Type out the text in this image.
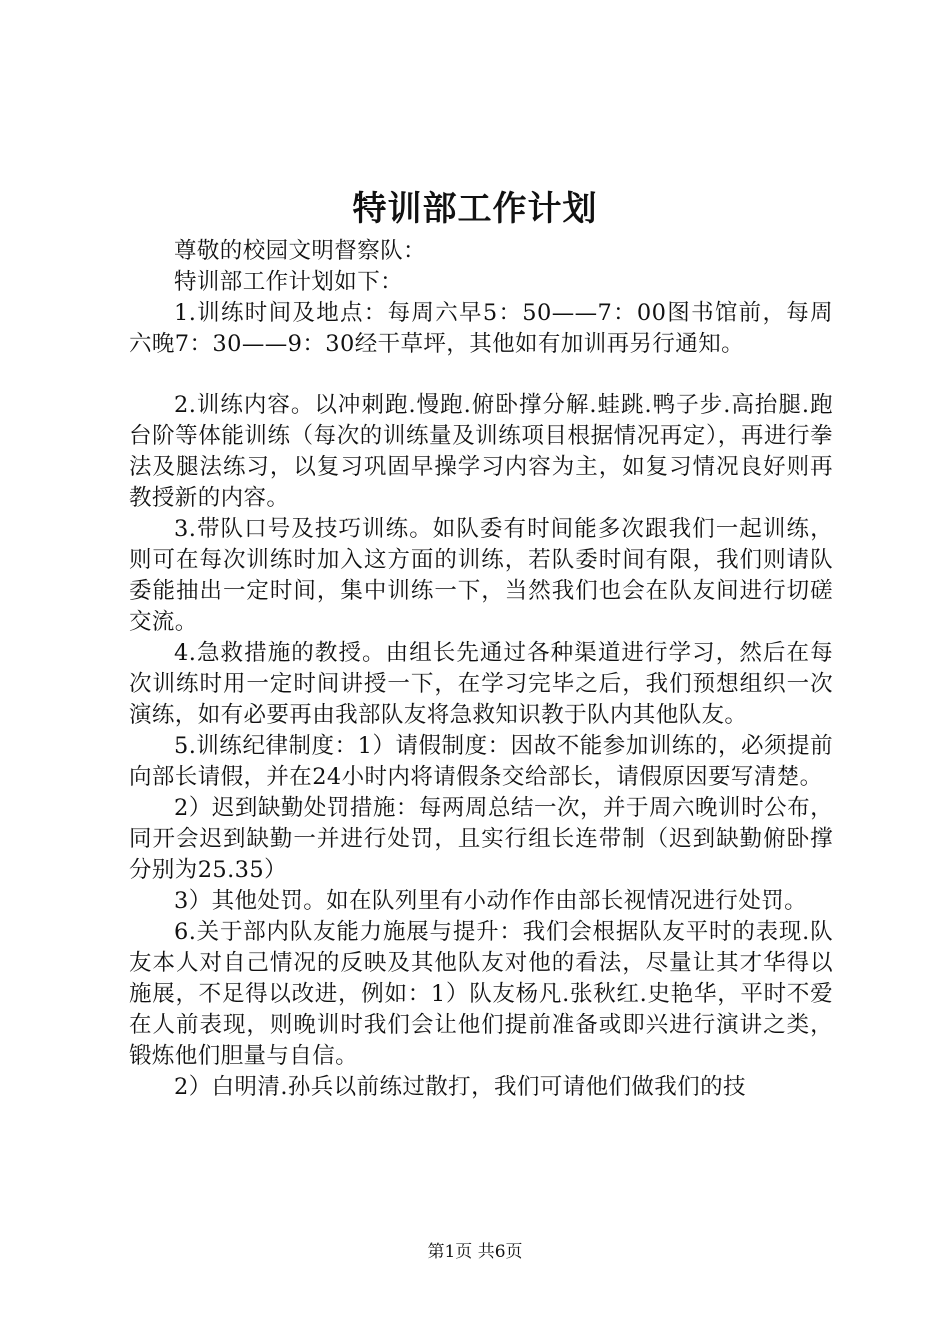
特训部工作计划

尊敬的校园文明督察队：

特训部工作计划如下：

1.训练时间及地点：每周六早5：50——7：00图书馆前，每周六晚7：30——9：30经干草坪，其他如有加训再另行通知。

2.训练内容。以冲刺跑.慢跑.俯卧撑分解.蛙跳.鸭子步.高抬腿.跑台阶等体能训练（每次的训练量及训练项目根据情况再定），再进行拳法及腿法练习，以复习巩固早操学习内容为主，如复习情况良好则再教授新的内容。

3.带队口号及技巧训练。如队委有时间能多次跟我们一起训练，则可在每次训练时加入这方面的训练，若队委时间有限，我们则请队委能抽出一定时间，集中训练一下，当然我们也会在队友间进行切磋交流。

4.急救措施的教授。由组长先通过各种渠道进行学习，然后在每次训练时用一定时间讲授一下，在学习完毕之后，我们预想组织一次演练，如有必要再由我部队友将急救知识教于队内其他队友。

5.训练纪律制度：1）请假制度：因故不能参加训练的，必须提前向部长请假，并在24小时内将请假条交给部长，请假原因要写清楚。

2）迟到缺勤处罚措施：每两周总结一次，并于周六晚训时公布，同开会迟到缺勤一并进行处罚，且实行组长连带制（迟到缺勤俯卧撑分别为25.35）

3）其他处罚。如在队列里有小动作作由部长视情况进行处罚。

6.关于部内队友能力施展与提升：我们会根据队友平时的表现.队友本人对自己情况的反映及其他队友对他的看法，尽量让其才华得以施展，不足得以改进，例如：1）队友杨凡.张秋红.史艳华，平时不爱在人前表现，则晚训时我们会让他们提前准备或即兴进行演讲之类，锻炼他们胆量与自信。

2）白明清.孙兵以前练过散打，我们可请他们做我们的技

第1页 共6页
